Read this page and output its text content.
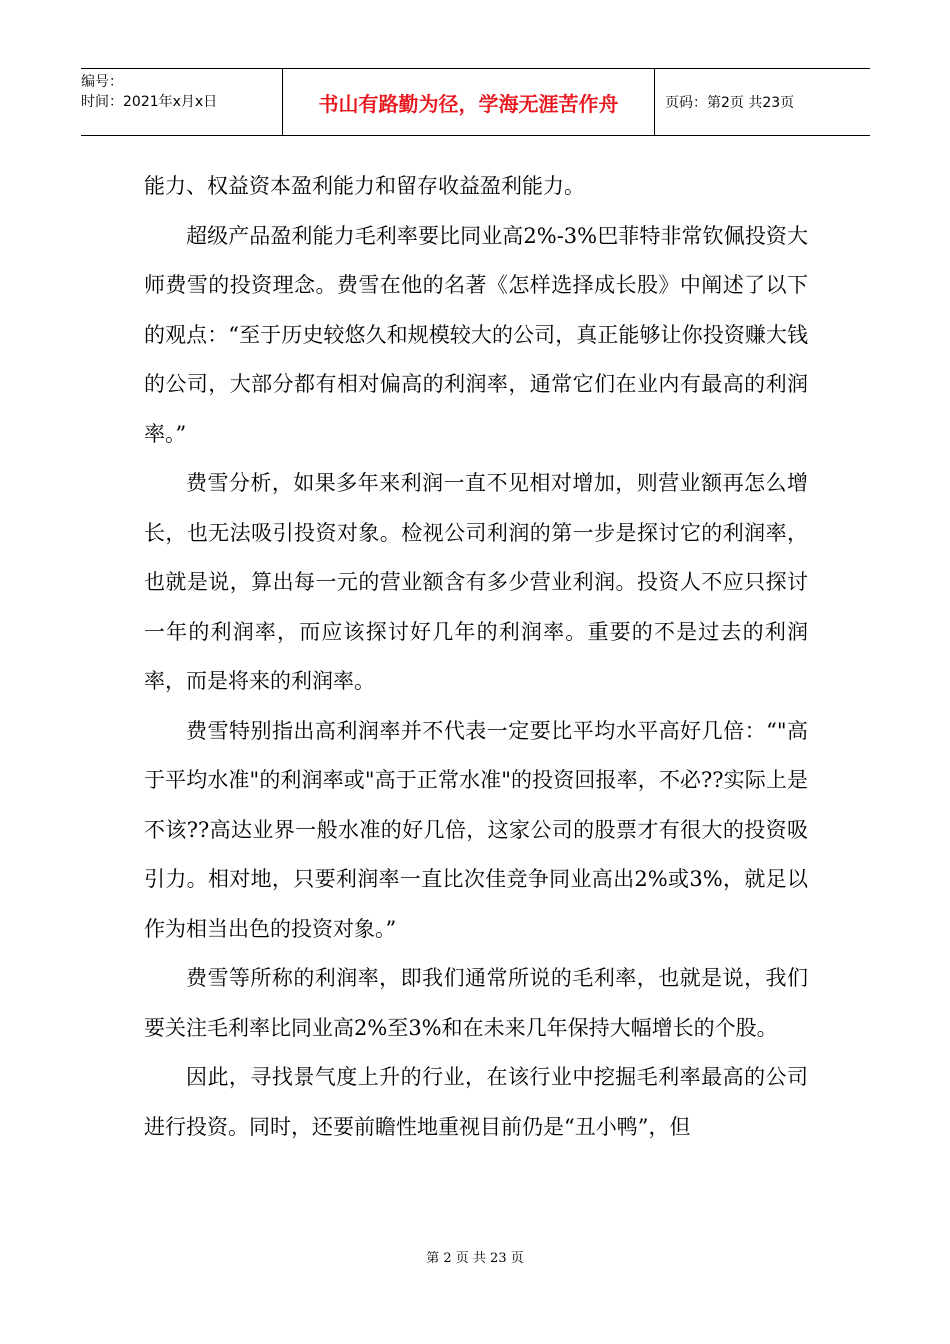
编号：
时间：2021年x月x日	书山有路勤为径，学海无涯苦作舟	页码：第2页 共23页

能力、权益资本盈利能力和留存收益盈利能力。

超级产品盈利能力毛利率要比同业高2%-3%巴菲特非常钦佩投资大师费雪的投资理念。费雪在他的名著《怎样选择成长股》中阐述了以下的观点：“至于历史较悠久和规模较大的公司，真正能够让你投资赚大钱的公司，大部分都有相对偏高的利润率，通常它们在业内有最高的利润率。”

费雪分析，如果多年来利润一直不见相对增加，则营业额再怎么增长，也无法吸引投资对象。检视公司利润的第一步是探讨它的利润率，也就是说，算出每一元的营业额含有多少营业利润。投资人不应只探讨一年的利润率，而应该探讨好几年的利润率。重要的不是过去的利润率，而是将来的利润率。

费雪特别指出高利润率并不代表一定要比平均水平高好几倍：“"高于平均水准"的利润率或"高于正常水准"的投资回报率，不必??实际上是不该??高达业界一般水准的好几倍，这家公司的股票才有很大的投资吸引力。相对地，只要利润率一直比次佳竞争同业高出2%或3%，就足以作为相当出色的投资对象。”

费雪等所称的利润率，即我们通常所说的毛利率，也就是说，我们要关注毛利率比同业高2%至3%和在未来几年保持大幅增长的个股。

因此，寻找景气度上升的行业，在该行业中挖掘毛利率最高的公司进行投资。同时，还要前瞻性地重视目前仍是“丑小鸭”，但

第 2 页 共 23 页
